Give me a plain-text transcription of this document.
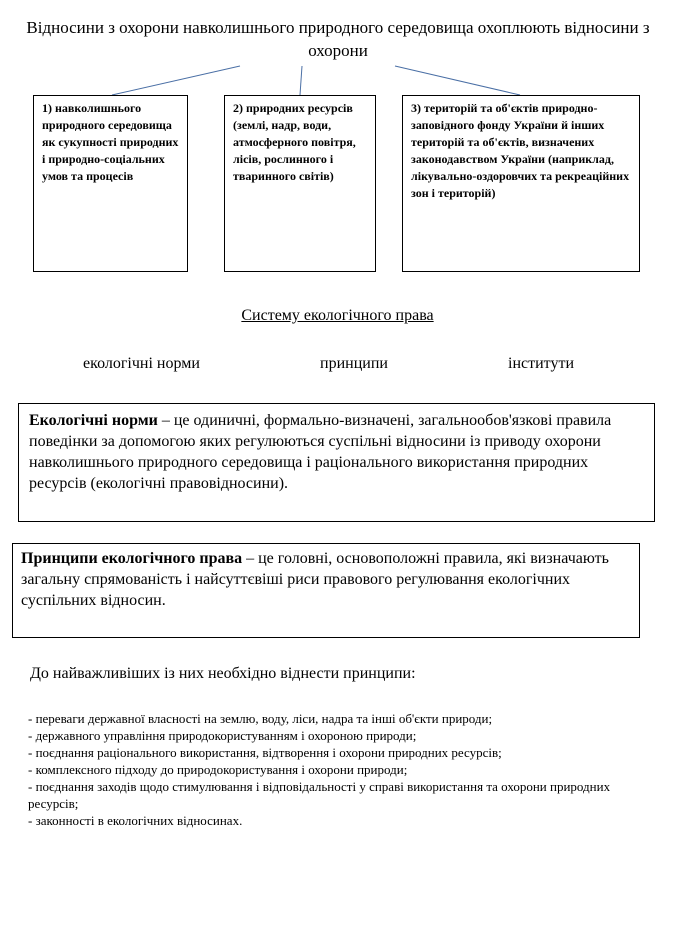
Відносини з охорони навколишнього природного середовища охоплюють відносини з охорони
1) навколишнього природного середовища як сукупності природних і природно-соціальних умов та процесів
2) природних ресурсів (землі, надр, води, атмосферного повітря, лісів, рослинного і тваринного світів)
3) територій та об'єктів природно-заповідного фонду України й інших територій та об'єктів, визначених законодавством України (наприклад, лікувально-оздоровчих та рекреаційних зон і територій)
Систему екологічного права
екологічні норми	принципи	інститути
Екологічні норми – це одиничні, формально-визначені, загальнообов'язкові правила поведінки за допомогою яких регулюються суспільні відносини із приводу охорони навколишнього природного середовища і раціонального використання природних ресурсів (екологічні правовідносини).
Принципи екологічного права – це головні, основоположні правила, які визначають загальну спрямованість і найсуттєвіші риси правового регулювання екологічних суспільних відносин.
До найважливіших із них необхідно віднести принципи:
- переваги державної власності на землю, воду, ліси, надра та інші об'єкти природи;
- державного управління природокористуванням і охороною природи;
- поєднання раціонального використання, відтворення і охорони природних ресурсів;
- комплексного підходу до природокористування і охорони природи;
- поєднання заходів щодо стимулювання і відповідальності у справі використання та охорони природних ресурсів;
- законності в екологічних відносинах.
